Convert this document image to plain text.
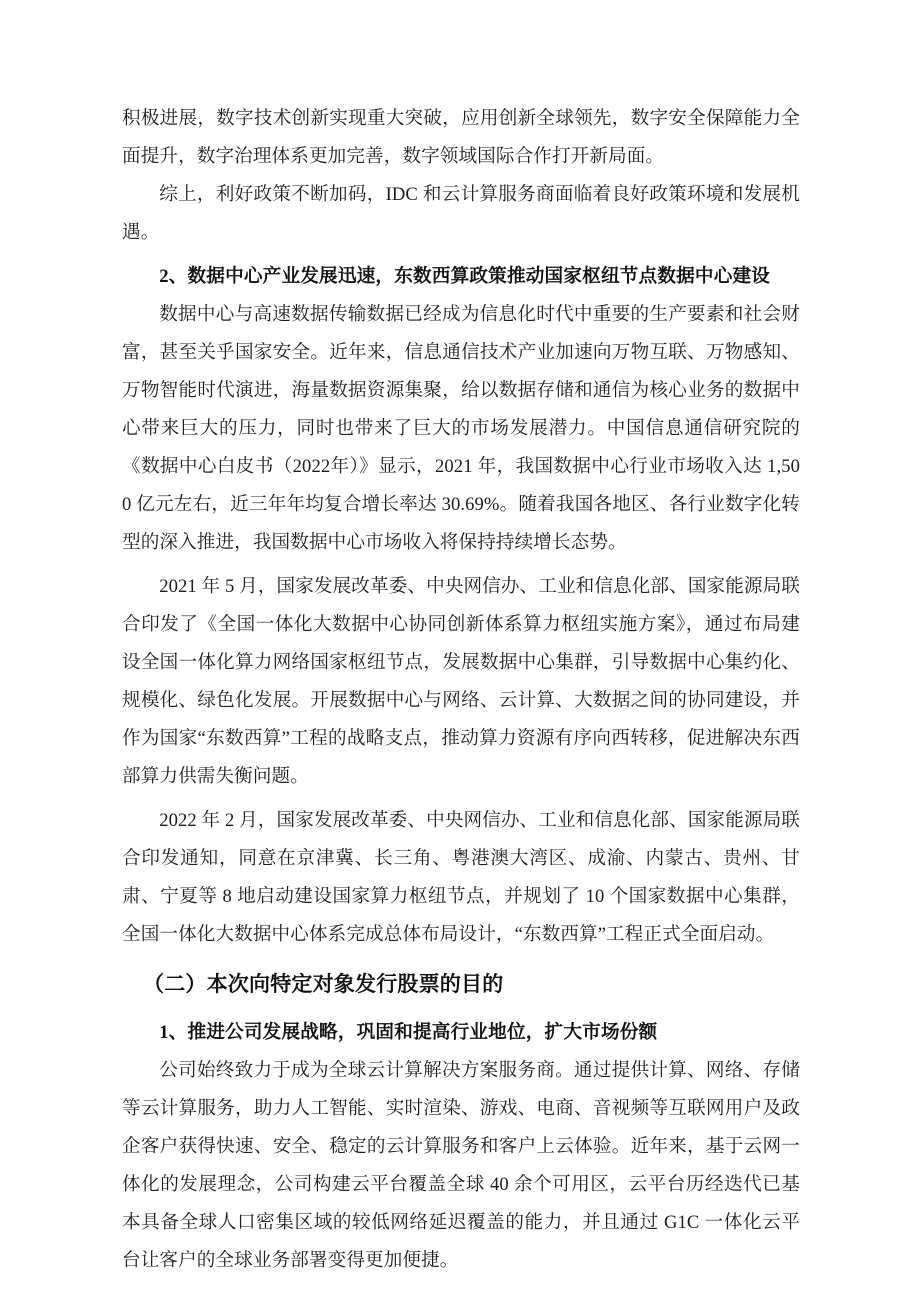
积极进展，数字技术创新实现重大突破，应用创新全球领先，数字安全保障能力全面提升，数字治理体系更加完善，数字领域国际合作打开新局面。

综上，利好政策不断加码，IDC 和云计算服务商面临着良好政策环境和发展机遇。

2、数据中心产业发展迅速，东数西算政策推动国家枢纽节点数据中心建设

数据中心与高速数据传输数据已经成为信息化时代中重要的生产要素和社会财富，甚至关乎国家安全。近年来，信息通信技术产业加速向万物互联、万物感知、万物智能时代演进，海量数据资源集聚，给以数据存储和通信为核心业务的数据中心带来巨大的压力，同时也带来了巨大的市场发展潜力。中国信息通信研究院的《数据中心白皮书（2022年）》显示，2021 年，我国数据中心行业市场收入达 1,500 亿元左右，近三年年均复合增长率达 30.69%。随着我国各地区、各行业数字化转型的深入推进，我国数据中心市场收入将保持持续增长态势。

2021 年 5 月，国家发展改革委、中央网信办、工业和信息化部、国家能源局联合印发了《全国一体化大数据中心协同创新体系算力枢纽实施方案》，通过布局建设全国一体化算力网络国家枢纽节点，发展数据中心集群，引导数据中心集约化、规模化、绿色化发展。开展数据中心与网络、云计算、大数据之间的协同建设，并作为国家“东数西算”工程的战略支点，推动算力资源有序向西转移，促进解决东西部算力供需失衡问题。

2022 年 2 月，国家发展改革委、中央网信办、工业和信息化部、国家能源局联合印发通知，同意在京津冀、长三角、粤港澳大湾区、成渝、内蒙古、贵州、甘肃、宁夏等 8 地启动建设国家算力枢纽节点，并规划了 10 个国家数据中心集群，全国一体化大数据中心体系完成总体布局设计，“东数西算”工程正式全面启动。

（二）本次向特定对象发行股票的目的
1、推进公司发展战略，巩固和提高行业地位，扩大市场份额

公司始终致力于成为全球云计算解决方案服务商。通过提供计算、网络、存储等云计算服务，助力人工智能、实时渲染、游戏、电商、音视频等互联网用户及政企客户获得快速、安全、稳定的云计算服务和客户上云体验。近年来，基于云网一体化的发展理念，公司构建云平台覆盖全球 40 余个可用区，云平台历经迭代已基本具备全球人口密集区域的较低网络延迟覆盖的能力，并且通过 G1C 一体化云平台让客户的全球业务部署变得更加便捷。
